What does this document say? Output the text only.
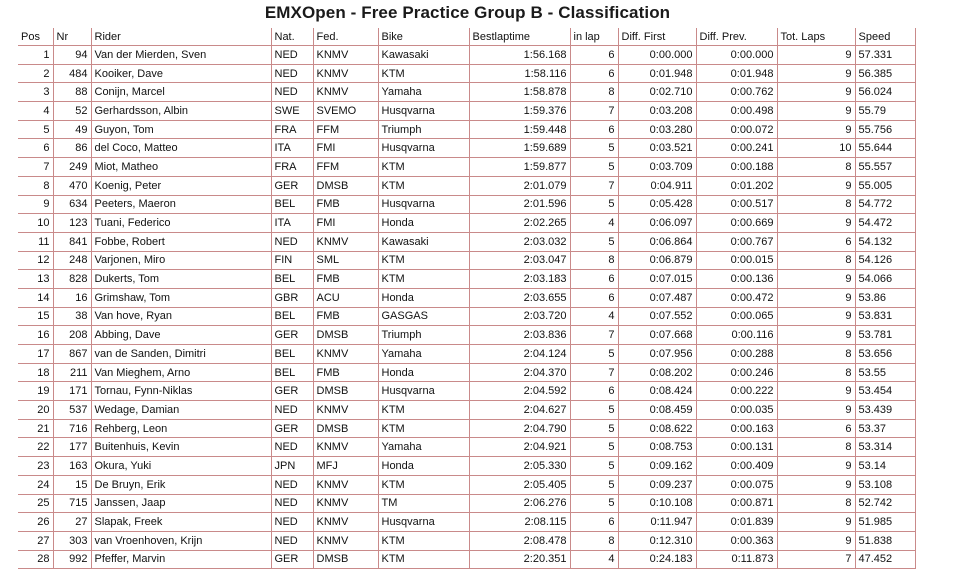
EMXOpen - Free Practice Group B - Classification
Pos	Nr	Rider	Nat.	Fed.	Bike	Bestlaptime	in lap	Diff. First	Diff. Prev.	Tot. Laps	Speed
1	94	Van der Mierden, Sven	NED	KNMV	Kawasaki	1:56.168	6	0:00.000	0:00.000	9	57.331
2	484	Kooiker, Dave	NED	KNMV	KTM	1:58.116	6	0:01.948	0:01.948	9	56.385
3	88	Conijn, Marcel	NED	KNMV	Yamaha	1:58.878	8	0:02.710	0:00.762	9	56.024
4	52	Gerhardsson, Albin	SWE	SVEMO	Husqvarna	1:59.376	7	0:03.208	0:00.498	9	55.79
5	49	Guyon, Tom	FRA	FFM	Triumph	1:59.448	6	0:03.280	0:00.072	9	55.756
6	86	del Coco, Matteo	ITA	FMI	Husqvarna	1:59.689	5	0:03.521	0:00.241	10	55.644
7	249	Miot, Matheo	FRA	FFM	KTM	1:59.877	5	0:03.709	0:00.188	8	55.557
8	470	Koenig, Peter	GER	DMSB	KTM	2:01.079	7	0:04.911	0:01.202	9	55.005
9	634	Peeters, Maeron	BEL	FMB	Husqvarna	2:01.596	5	0:05.428	0:00.517	8	54.772
10	123	Tuani, Federico	ITA	FMI	Honda	2:02.265	4	0:06.097	0:00.669	9	54.472
11	841	Fobbe, Robert	NED	KNMV	Kawasaki	2:03.032	5	0:06.864	0:00.767	6	54.132
12	248	Varjonen, Miro	FIN	SML	KTM	2:03.047	8	0:06.879	0:00.015	8	54.126
13	828	Dukerts, Tom	BEL	FMB	KTM	2:03.183	6	0:07.015	0:00.136	9	54.066
14	16	Grimshaw, Tom	GBR	ACU	Honda	2:03.655	6	0:07.487	0:00.472	9	53.86
15	38	Van hove, Ryan	BEL	FMB	GASGAS	2:03.720	4	0:07.552	0:00.065	9	53.831
16	208	Abbing, Dave	GER	DMSB	Triumph	2:03.836	7	0:07.668	0:00.116	9	53.781
17	867	van de Sanden, Dimitri	BEL	KNMV	Yamaha	2:04.124	5	0:07.956	0:00.288	8	53.656
18	211	Van Mieghem, Arno	BEL	FMB	Honda	2:04.370	7	0:08.202	0:00.246	8	53.55
19	171	Tornau, Fynn-Niklas	GER	DMSB	Husqvarna	2:04.592	6	0:08.424	0:00.222	9	53.454
20	537	Wedage, Damian	NED	KNMV	KTM	2:04.627	5	0:08.459	0:00.035	9	53.439
21	716	Rehberg, Leon	GER	DMSB	KTM	2:04.790	5	0:08.622	0:00.163	6	53.37
22	177	Buitenhuis, Kevin	NED	KNMV	Yamaha	2:04.921	5	0:08.753	0:00.131	8	53.314
23	163	Okura, Yuki	JPN	MFJ	Honda	2:05.330	5	0:09.162	0:00.409	9	53.14
24	15	De Bruyn, Erik	NED	KNMV	KTM	2:05.405	5	0:09.237	0:00.075	9	53.108
25	715	Janssen, Jaap	NED	KNMV	TM	2:06.276	5	0:10.108	0:00.871	8	52.742
26	27	Slapak, Freek	NED	KNMV	Husqvarna	2:08.115	6	0:11.947	0:01.839	9	51.985
27	303	van Vroenhoven, Krijn	NED	KNMV	KTM	2:08.478	8	0:12.310	0:00.363	9	51.838
28	992	Pfeffer, Marvin	GER	DMSB	KTM	2:20.351	4	0:24.183	0:11.873	7	47.452
